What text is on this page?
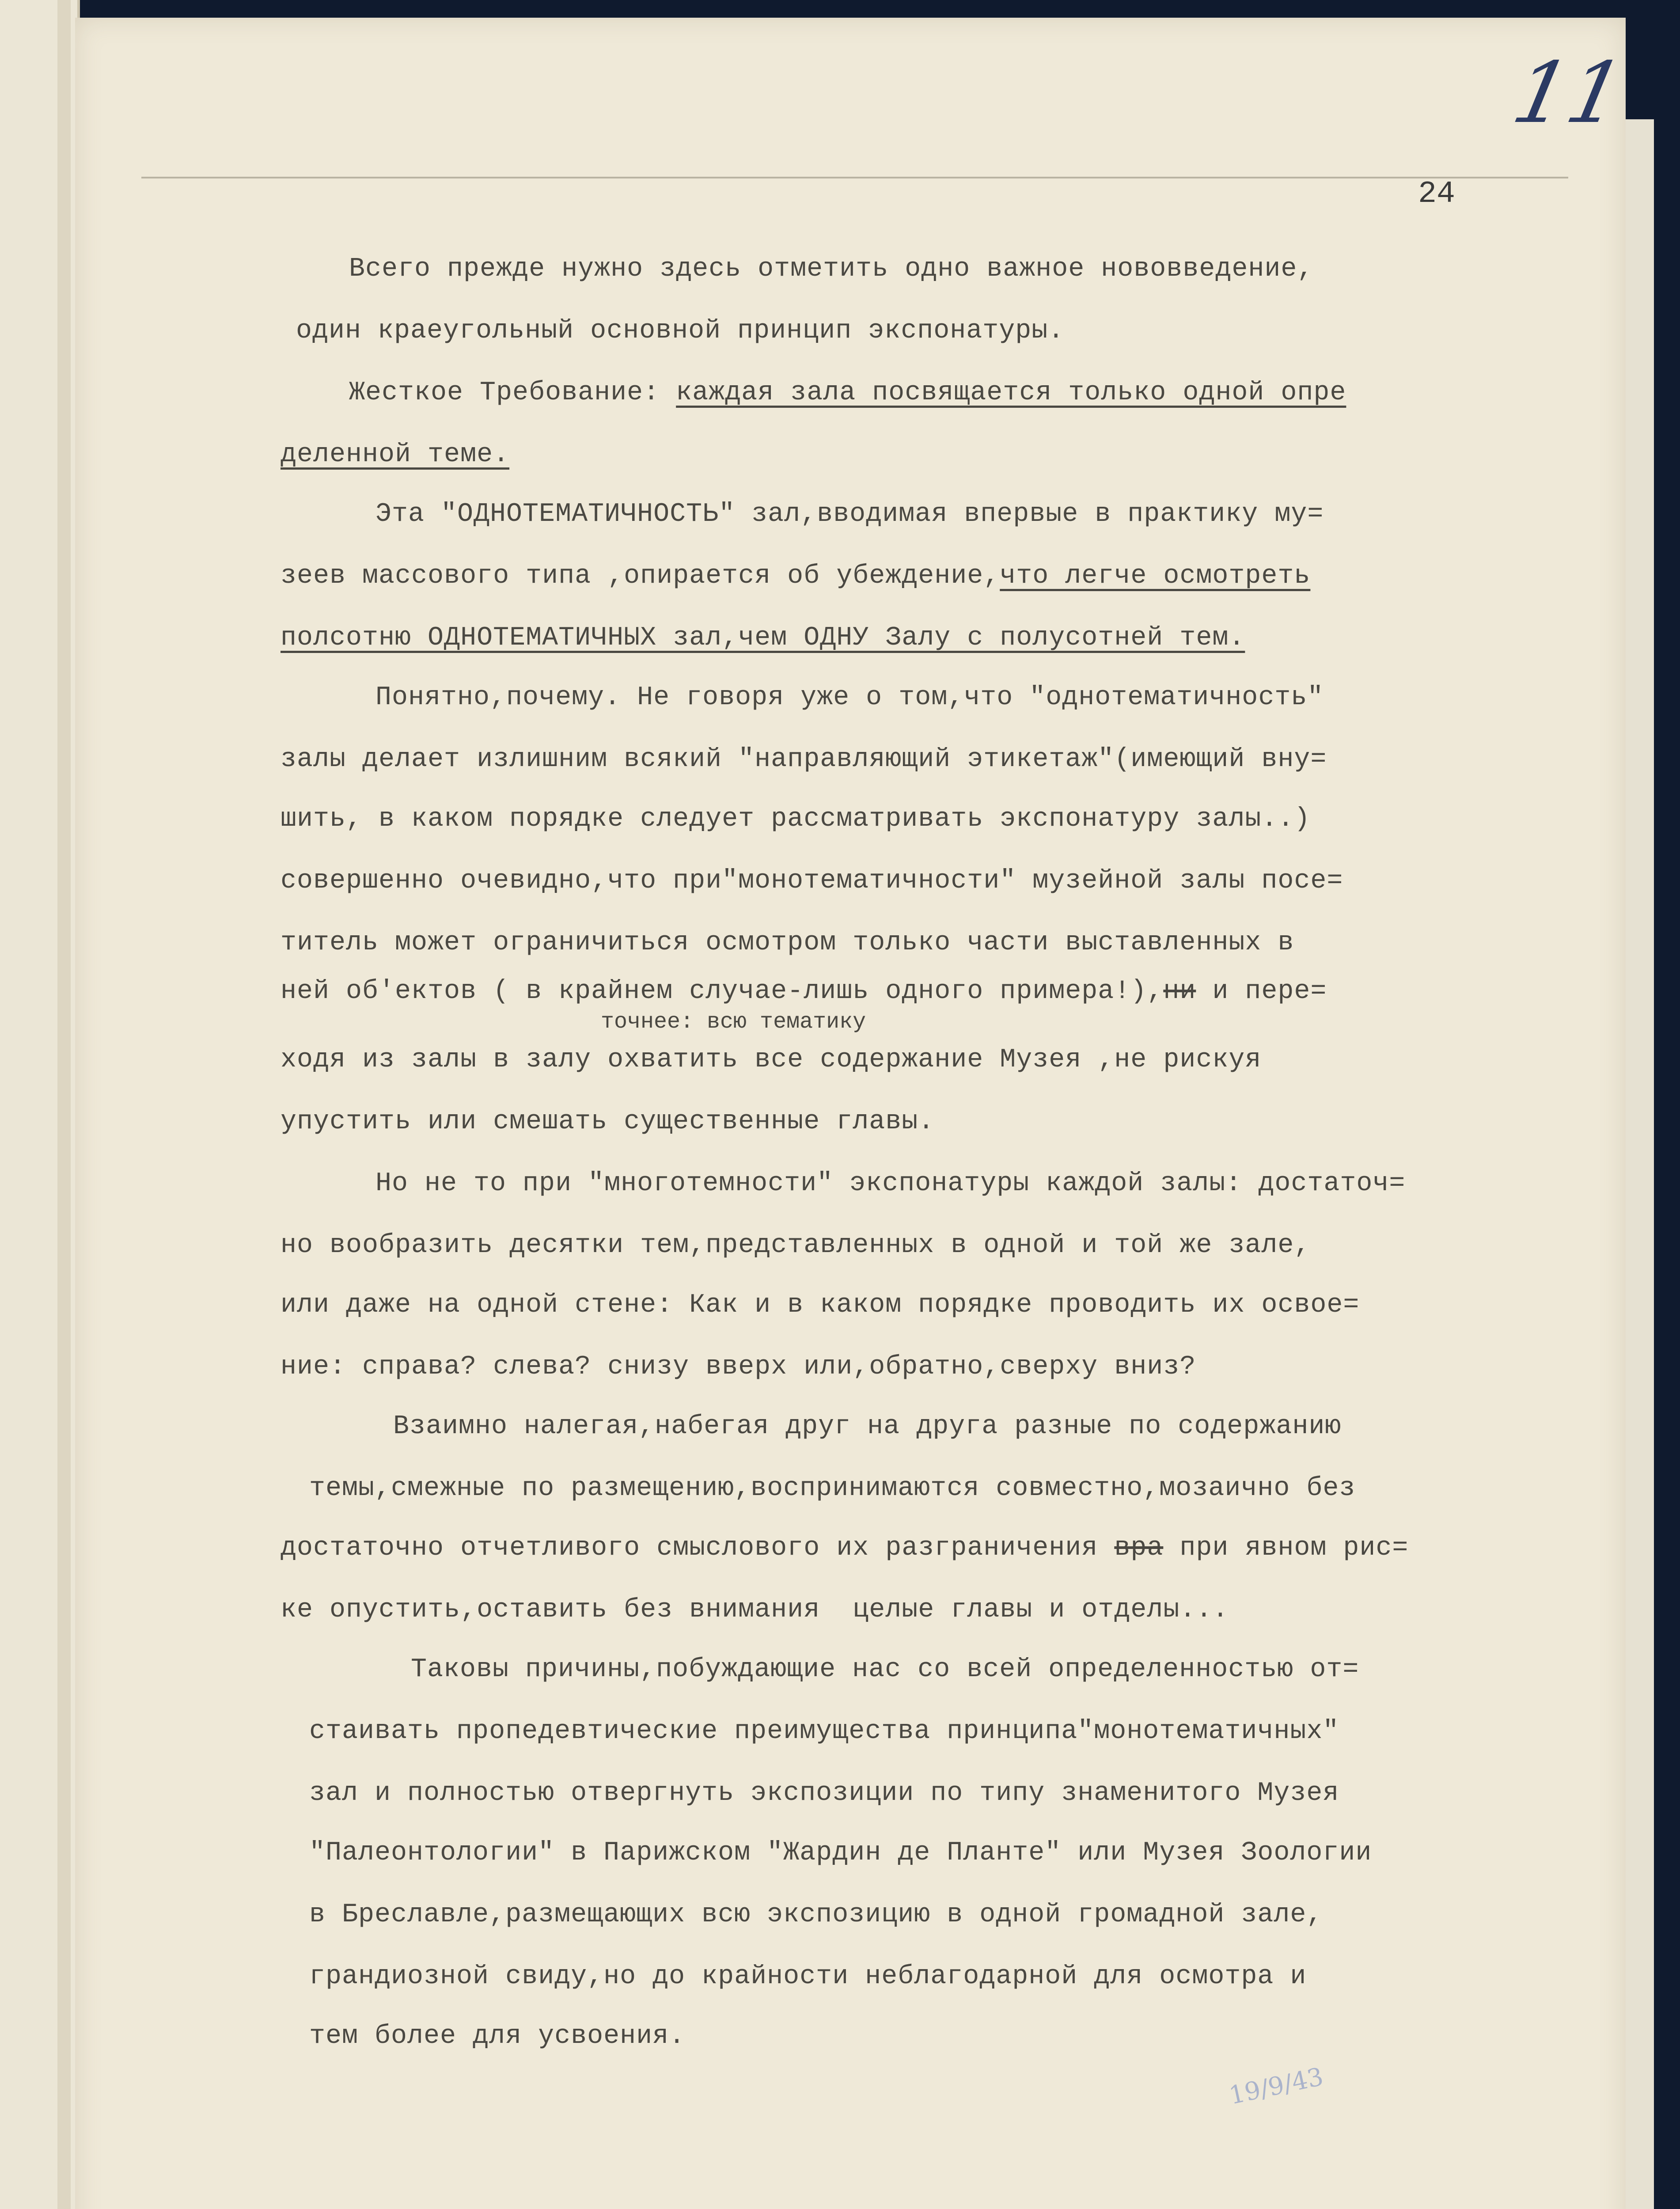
11
24
Всего прежде нужно здесь отметить одно важное нововведение,
один краеугольный основной принцип экспонатуры.
Жесткое Требование: каждая зала посвящается только одной опре
деленной теме.
Эта "ОДНОТЕМАТИЧНОСТЬ" зал,вводимая впервые в практику му=
зеев массового типа ,опирается об убеждение,что легче осмотреть
полсотню ОДНОТЕМАТИЧНЫХ зал,чем ОДНУ Залу с полусотней тем.
Понятно,почему. Не говоря уже о том,что "однотематичность"
залы делает излишним всякий "направляющий этикетаж"(имеющий вну=
шить, в каком порядке следует рассматривать экспонатуру залы..)
совершенно очевидно,что при"монотематичности" музейной залы посе=
титель может ограничиться осмотром только части выставленных в
ней об'ектов ( в крайнем случае-лишь одного примера!),ни и пере=
точнее: всю тематику
ходя из залы в залу охватить все содержание Музея ,не рискуя
упустить или смешать существенные главы.
Но не то при "многотемности" экспонатуры каждой залы: достаточ=
но вообразить десятки тем,представленных в одной и той же зале,
или даже на одной стене: Как и в каком порядке проводить их освое=
ние: справа? слева? снизу вверх или,обратно,сверху вниз?
Взаимно налегая,набегая друг на друга разные по содержанию
темы,смежные по размещению,воспринимаются совместно,мозаично без
достаточно отчетливого смыслового их разграничения вра при явном рис=
ке опустить,оставить без внимания  целые главы и отделы...
Таковы причины,побуждающие нас со всей определенностью от=
стаивать пропедевтические преимущества принципа"монотематичных"
зал и полностью отвергнуть экспозиции по типу знаменитого Музея
"Палеонтологии" в Парижском "Жардин де Планте" или Музея Зоологии
в Бреславле,размещающих всю экспозицию в одной громадной зале,
грандиозной свиду,но до крайности неблагодарной для осмотра и
тем более для усвоения.
19/9/43
